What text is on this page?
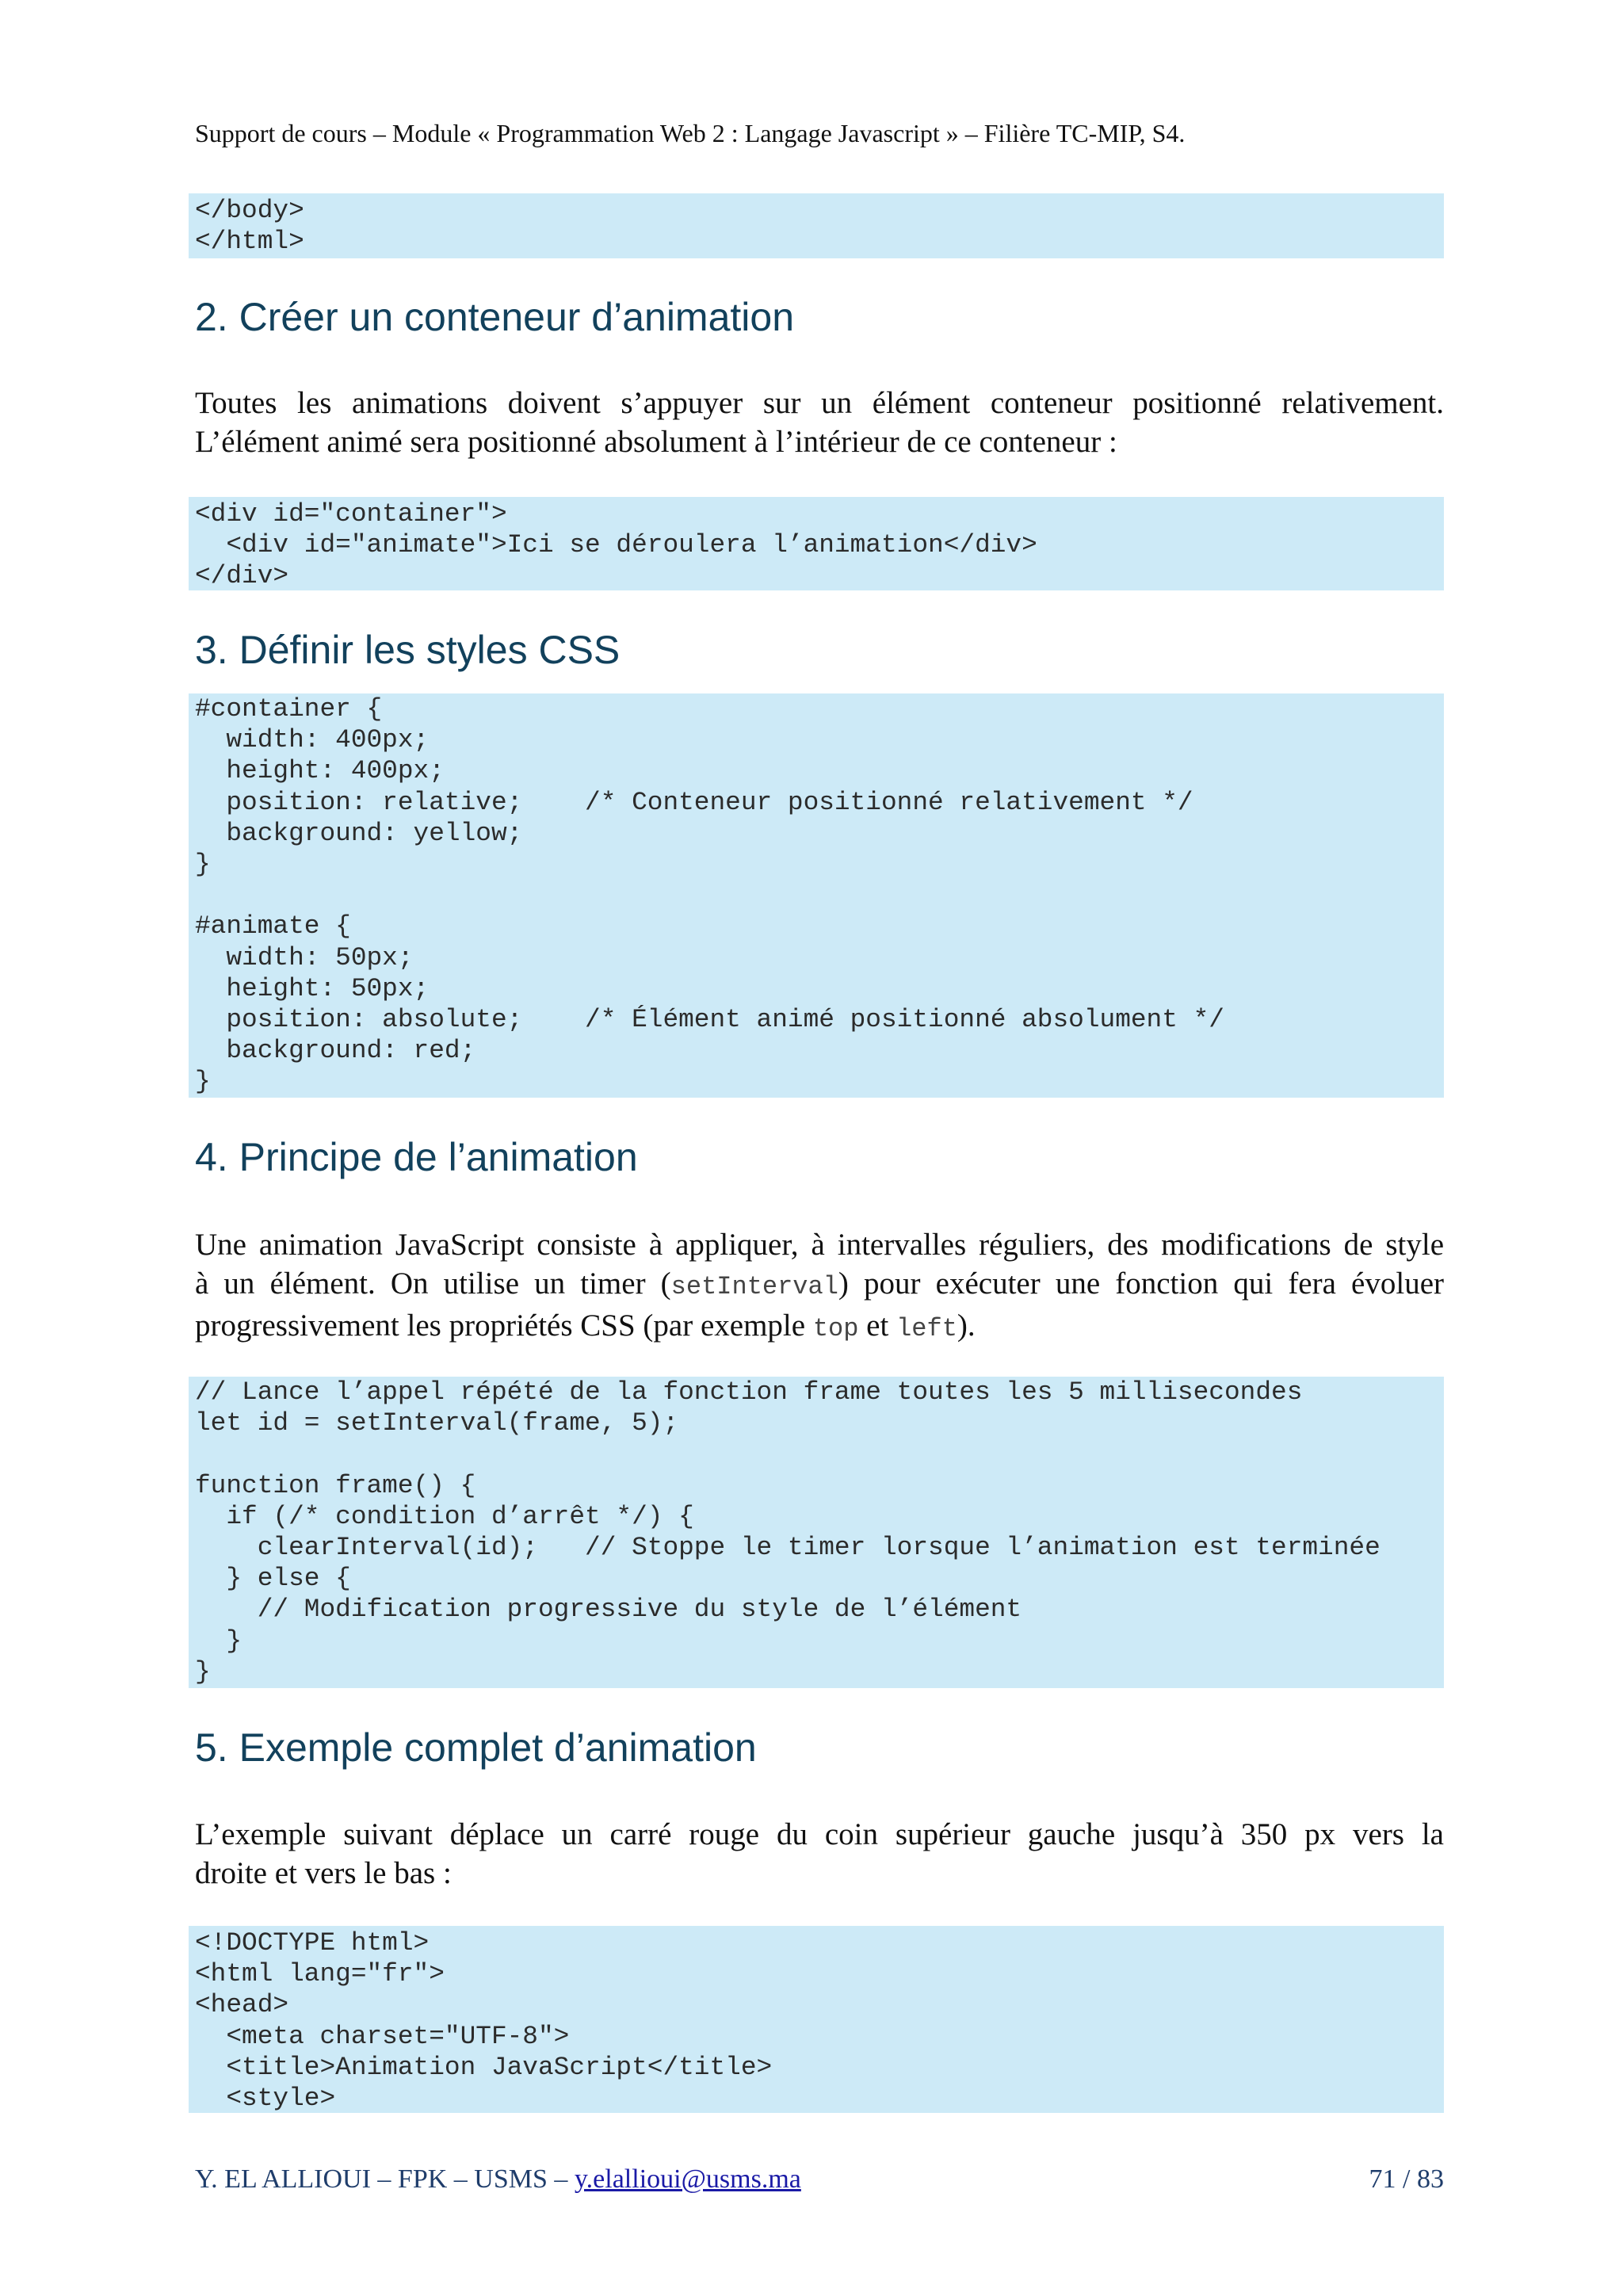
Support de cours – Module « Programmation Web 2 : Langage Javascript » – Filière TC-MIP, S4.
</body>
</html>
2. Créer un conteneur d’animation
Toutes les animations doivent s’appuyer sur un élément conteneur positionné relativement.
L’élément animé sera positionné absolument à l’intérieur de ce conteneur :
<div id="container">
<div id="animate">Ici se déroulera l’animation</div>
</div>
3. Définir les styles CSS
#container {
width: 400px;
height: 400px;
position: relative;    /* Conteneur positionné relativement */
background: yellow;
}

#animate {
width: 50px;
height: 50px;
position: absolute;    /* Élément animé positionné absolument */
background: red;
}
4. Principe de l’animation
Une animation JavaScript consiste à appliquer, à intervalles réguliers, des modifications de style
à un élément. On utilise un timer (setInterval) pour exécuter une fonction qui fera évoluer
progressivement les propriétés CSS (par exemple top et left).
// Lance l’appel répété de la fonction frame toutes les 5 millisecondes
let id = setInterval(frame, 5);

function frame() {
if (/* condition d’arrêt */) {
clearInterval(id);   // Stoppe le timer lorsque l’animation est terminée
} else {
// Modification progressive du style de l’élément
}
}
5. Exemple complet d’animation
L’exemple suivant déplace un carré rouge du coin supérieur gauche jusqu’à 350 px vers la
droite et vers le bas :
<!DOCTYPE html>
<html lang="fr">
<head>
<meta charset="UTF-8">
<title>Animation JavaScript</title>
<style>
Y. EL ALLIOUI – FPK – USMS – y.elallioui@usms.ma	71 / 83
